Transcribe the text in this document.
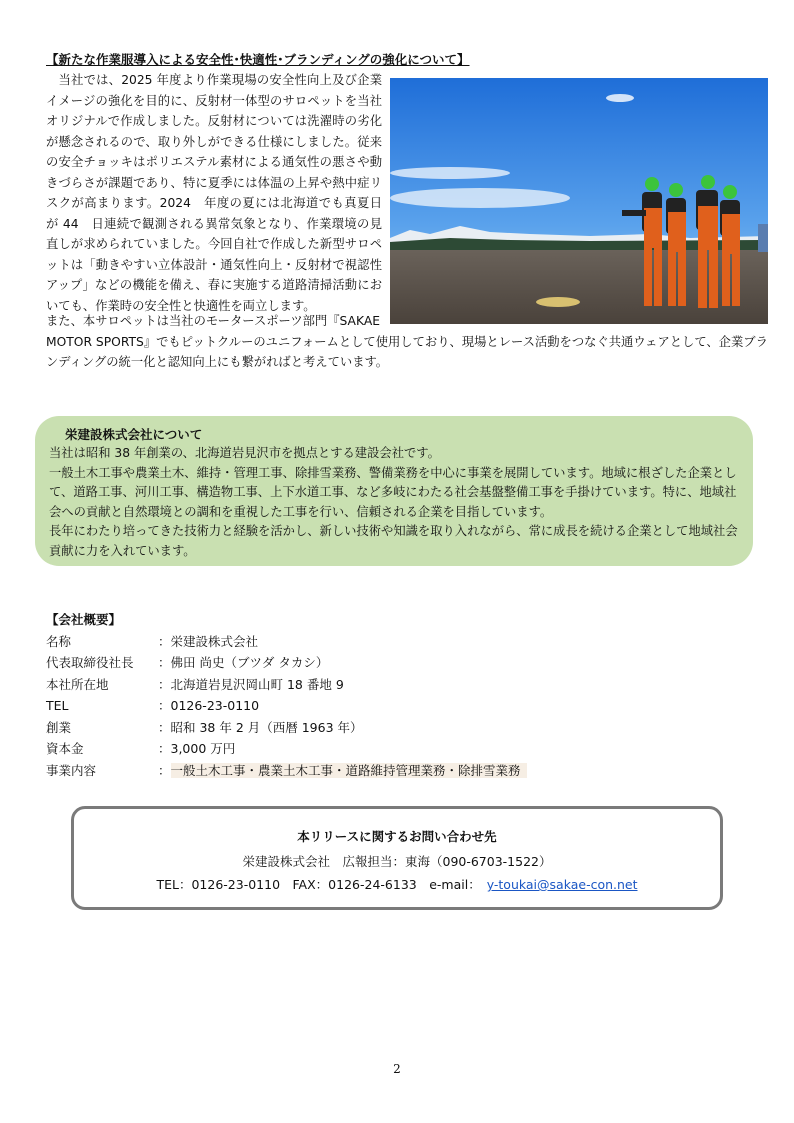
【新たな作業服導入による安全性･快適性･ブランディングの強化について】
　当社では、2025 年度より作業現場の安全性向上及び企業イメージの強化を目的に、反射材一体型のサロペットを当社オリジナルで作成しました。反射材については洗濯時の劣化が懸念されるので、取り外しができる仕様にしました。従来の安全チョッキはポリエステル素材による通気性の悪さや動きづらさが課題であり、特に夏季には体温の上昇や熱中症リスクが高まります。2024　年度の夏には北海道でも真夏日が 44　日連続で観測される異常気象となり、作業環境の見直しが求められていました。今回自社で作成した新型サロペットは「動きやすい立体設計・通気性向上・反射材で視認性アップ」などの機能を備え、春に実施する道路清掃活動においても、作業時の安全性と快適性を両立します。

また、本サロペットは当社のモータースポーツ部門『SAKAE

MOTOR SPORTS』でもピットクルーのユニフォームとして使用しており、現場とレース活動をつなぐ共通ウェアとして、企業ブランディングの統一化と認知向上にも繋がればと考えています。

栄建設株式会社について

当社は昭和 38 年創業の、北海道岩見沢市を拠点とする建設会社です。

一般土木工事や農業土木、維持・管理工事、除排雪業務、警備業務を中心に事業を展開しています。地域に根ざした企業として、道路工事、河川工事、構造物工事、上下水道工事、など多岐にわたる社会基盤整備工事を手掛けています。特に、地域社会への貢献と自然環境との調和を重視した工事を行い、信頼される企業を目指しています。

長年にわたり培ってきた技術力と経験を活かし、新しい技術や知識を取り入れながら、常に成長を続ける企業として地域社会貢献に力を入れています。

【会社概要】
名称	：栄建設株式会社
代表取締役社長	：佛田 尚史（ブツダ タカシ）
本社所在地	：北海道岩見沢岡山町 18 番地 9
TEL	：0126-23-0110
創業	：昭和 38 年 2 月（西暦 1963 年）
資本金	：3,000 万円
事業内容	：一般土木工事・農業土木工事・道路維持管理業務・除排雪業務
本リリースに関するお問い合わせ先
栄建設株式会社　広報担当：東海（090-6703-1522）
TEL：0126-23-0110　FAX：0126-24-6133　e-mail： y-toukai@sakae-con.net
2
